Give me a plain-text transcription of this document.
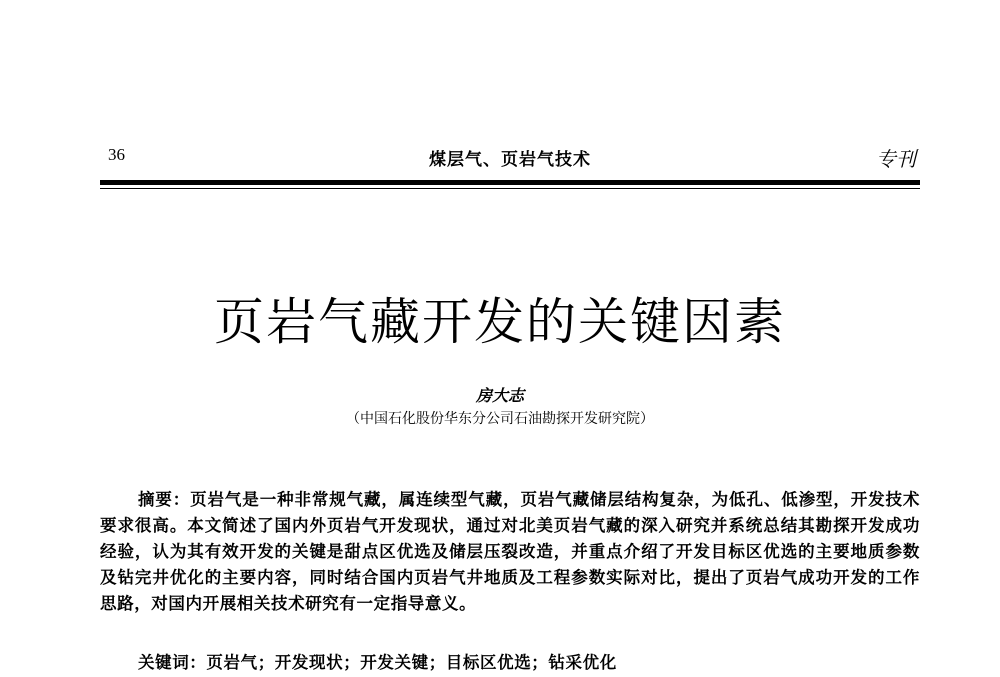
36	煤层气、页岩气技术	专刊
页岩气藏开发的关键因素
房大志
（中国石化股份华东分公司石油勘探开发研究院）

摘要：页岩气是一种非常规气藏，属连续型气藏，页岩气藏储层结构复杂，为低孔、低渗型，开发技术要求很高。本文简述了国内外页岩气开发现状，通过对北美页岩气藏的深入研究并系统总结其勘探开发成功经验，认为其有效开发的关键是甜点区优选及储层压裂改造，并重点介绍了开发目标区优选的主要地质参数及钻完井优化的主要内容，同时结合国内页岩气井地质及工程参数实际对比，提出了页岩气成功开发的工作思路，对国内开展相关技术研究有一定指导意义。

关键词：页岩气；开发现状；开发关键；目标区优选；钻采优化
